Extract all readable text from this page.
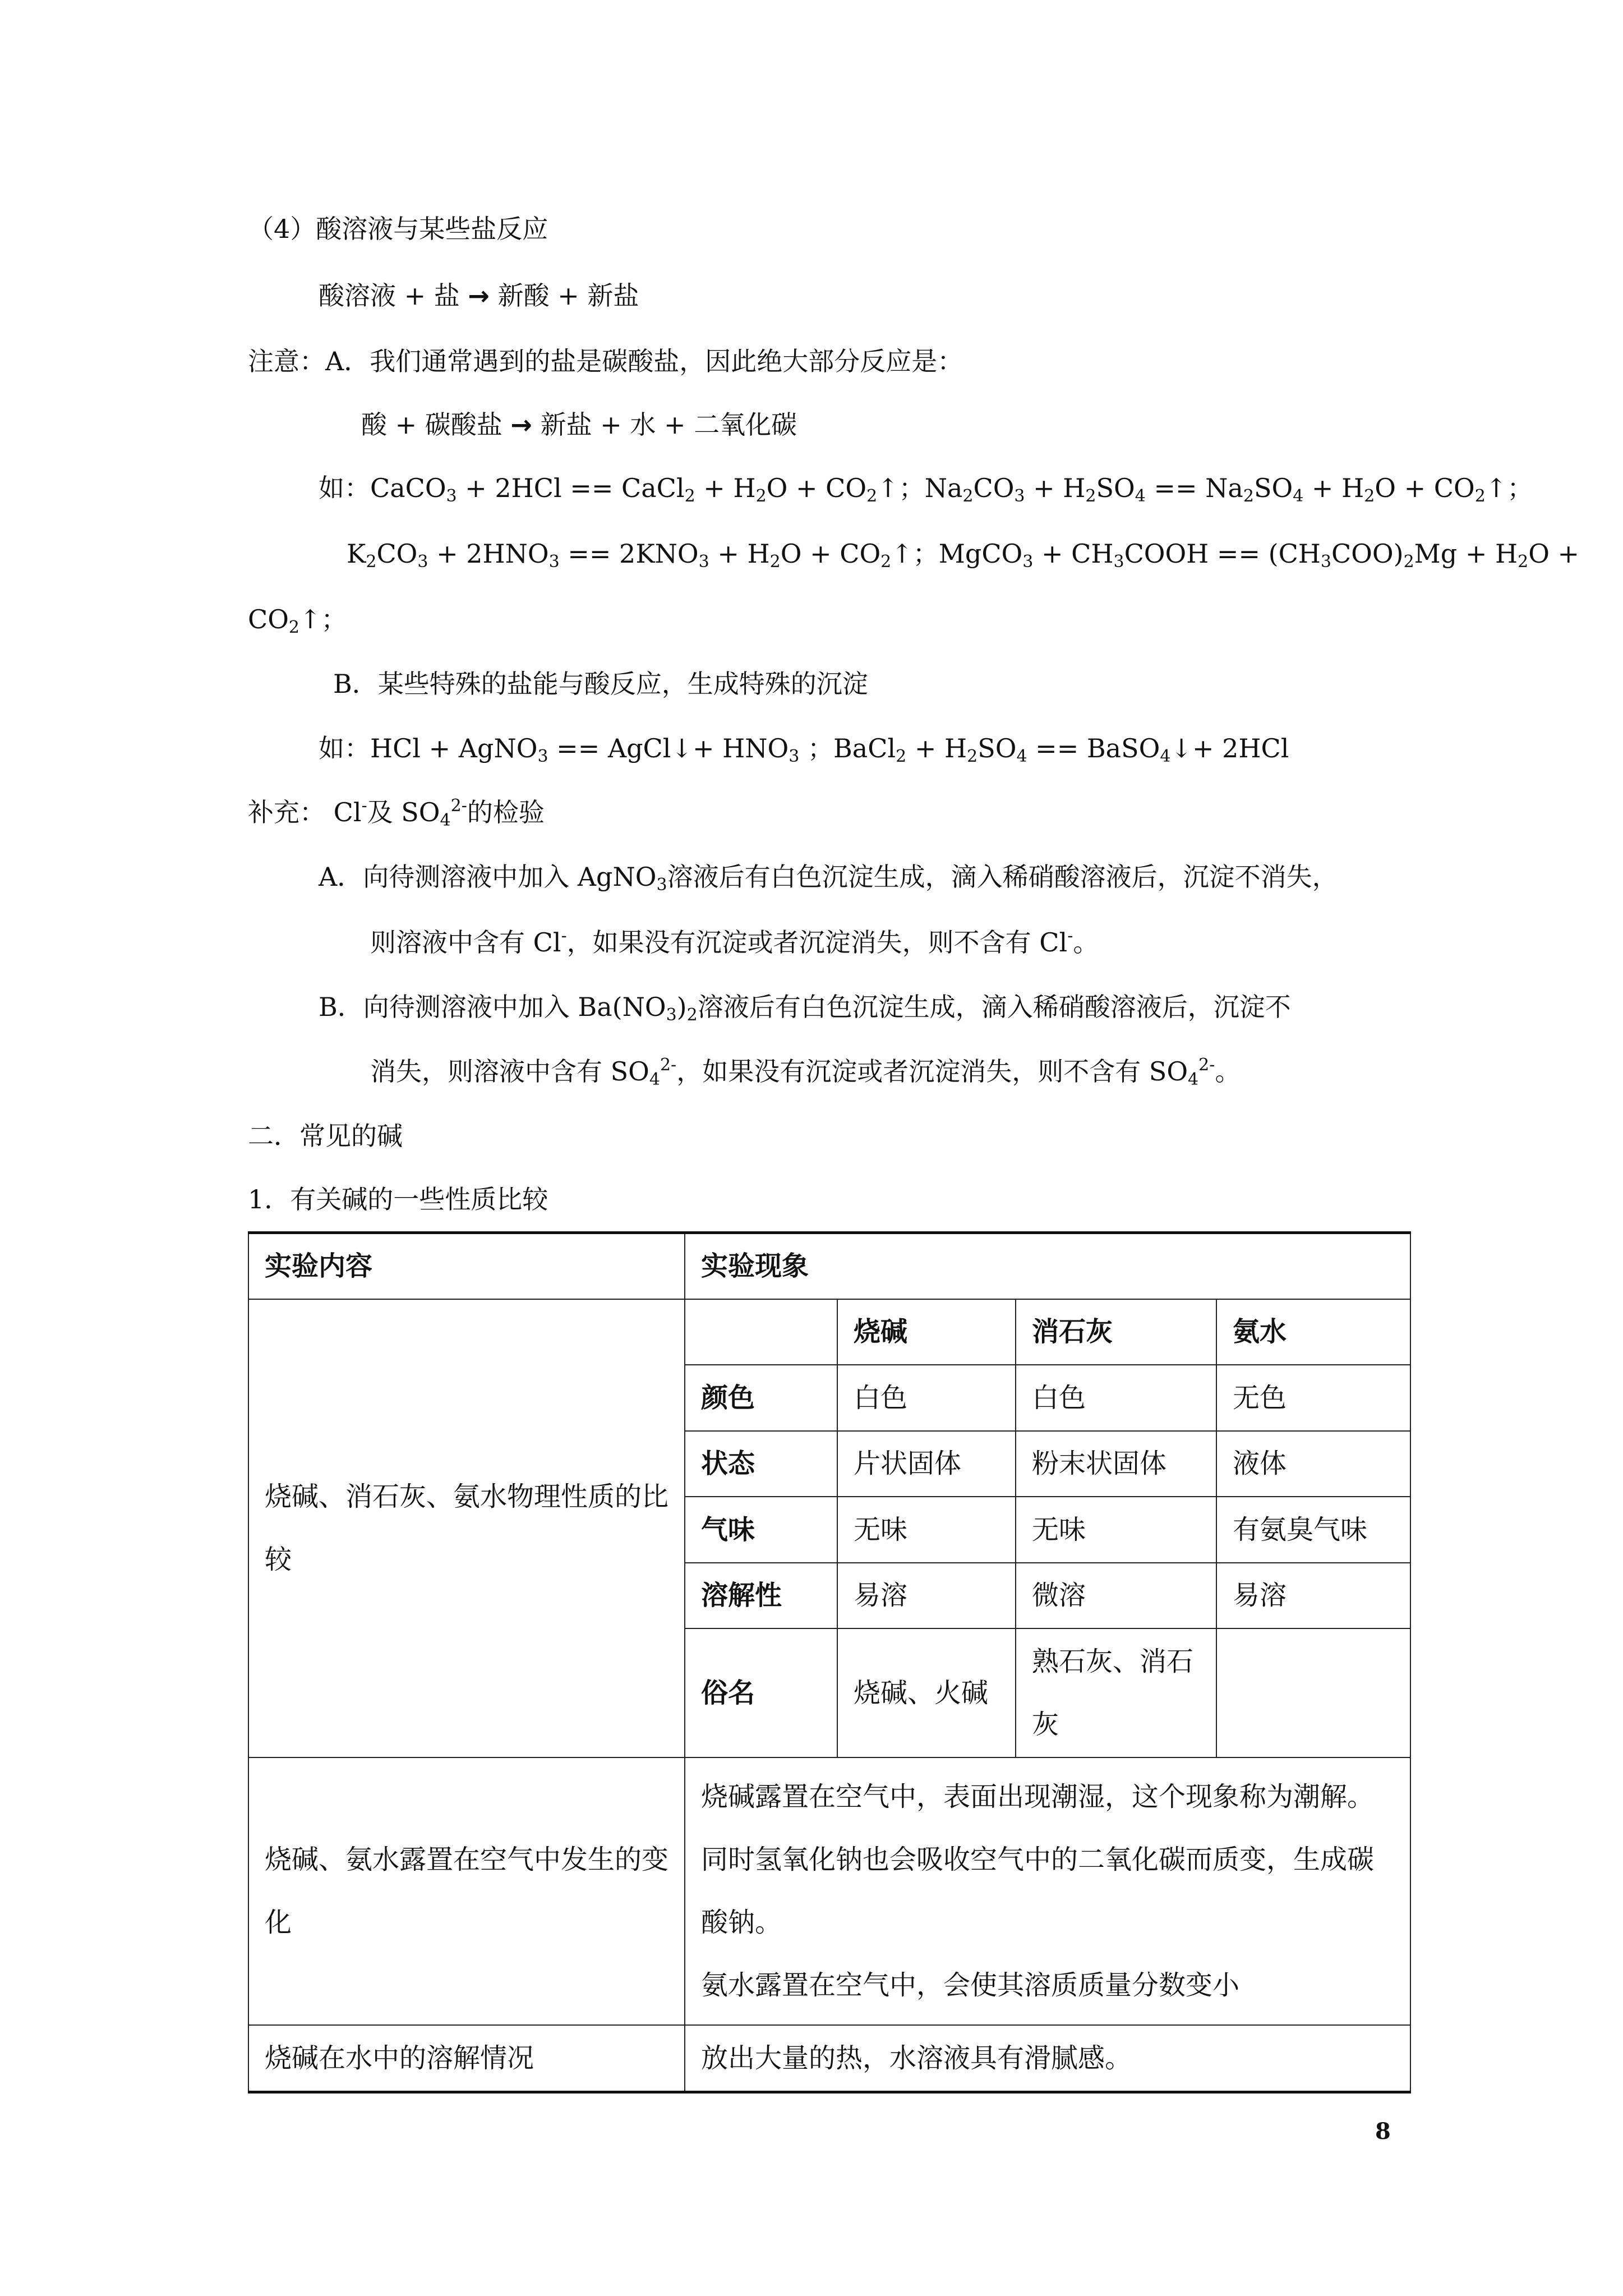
（4）酸溶液与某些盐反应
酸溶液 + 盐 → 新酸 + 新盐
注意：A．我们通常遇到的盐是碳酸盐，因此绝大部分反应是：
酸 + 碳酸盐 → 新盐 + 水 + 二氧化碳
如：CaCO$_3$ + 2HCl == CaCl$_2$ + $H_2O$ + $CO_2↑$；$Na_2CO_3 + H_2SO_4 == Na_2SO_4 + H_2O$ + $CO_2↑$；
$K_2CO_3 + 2HNO_3 == 2KNO_3 + H_2O$ + $CO_2↑$；MgCO$_3$ + $CH_3COOH == (CH_3COO)_2Mg + H_2O$ +
$CO_2↑$；
B．某些特殊的盐能与酸反应，生成特殊的沉淀
如：HCl + AgNO$_3$ == AgCl↓+ $HNO_3$ ；BaCl$_2$ + $H_2SO_4$ == BaSO$_4$↓+ 2HCl
补充： Cl-及 $SO_4^{2-}$的检验
A．向待测溶液中加入 AgNO$_3$溶液后有白色沉淀生成，滴入稀硝酸溶液后，沉淀不消失，
则溶液中含有 Cl-，如果没有沉淀或者沉淀消失，则不含有 Cl-。
B．向待测溶液中加入 $Ba(NO_3)_2$溶液后有白色沉淀生成，滴入稀硝酸溶液后，沉淀不
消失，则溶液中含有 $SO_4^{2-}$，如果没有沉淀或者沉淀消失，则不含有 $SO_4^{2-}$。
二．常见的碱
1．有关碱的一些性质比较
实验内容	实验现象			
烧碱、消石灰、氨水物理性质的比较		烧碱	消石灰	氨水
	颜色	白色	白色	无色
	状态	片状固体	粉末状固体	液体
	气味	无味	无味	有氨臭气味
	溶解性	易溶	微溶	易溶
	俗名	烧碱、火碱	熟石灰、消石灰	
烧碱、氨水露置在空气中发生的变化	烧碱露置在空气中，表面出现潮湿，这个现象称为潮解。同时氢氧化钠也会吸收空气中的二氧化碳而质变，生成碳酸钠。
氨水露置在空气中，会使其溶质质量分数变小			

烧碱在水中的溶解情况	放出大量的热，水溶液具有滑腻感。			
8
